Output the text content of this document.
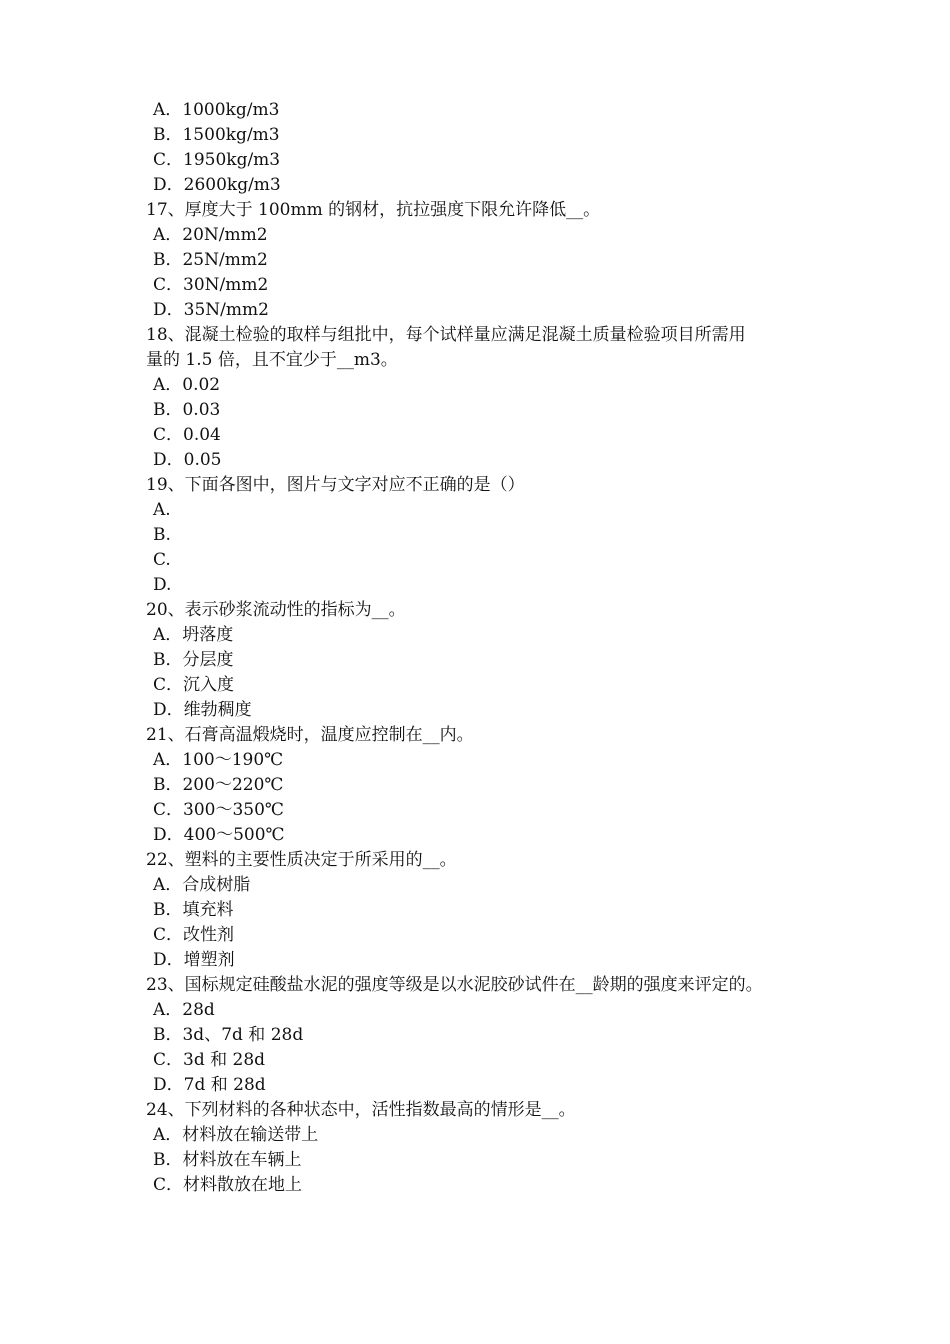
A．1000kg/m3
B．1500kg/m3
C．1950kg/m3
D．2600kg/m3
17、厚度大于 100mm 的钢材，抗拉强度下限允许降低__。
A．20N/mm2
B．25N/mm2
C．30N/mm2
D．35N/mm2
18、混凝土检验的取样与组批中，每个试样量应满足混凝土质量检验项目所需用
量的 1.5 倍，且不宜少于__m3。
A．0.02
B．0.03
C．0.04
D．0.05
19、下面各图中，图片与文字对应不正确的是（）
A.
B.
C.
D.
20、表示砂浆流动性的指标为__。
A．坍落度
B．分层度
C．沉入度
D．维勃稠度
21、石膏高温煅烧时，温度应控制在__内。
A．100～190℃
B．200～220℃
C．300～350℃
D．400～500℃
22、塑料的主要性质决定于所采用的__。
A．合成树脂
B．填充料
C．改性剂
D．增塑剂
23、国标规定硅酸盐水泥的强度等级是以水泥胶砂试件在__龄期的强度来评定的。
A．28d
B．3d、7d 和 28d
C．3d 和 28d
D．7d 和 28d
24、下列材料的各种状态中，活性指数最高的情形是__。
A．材料放在输送带上
B．材料放在车辆上
C．材料散放在地上
